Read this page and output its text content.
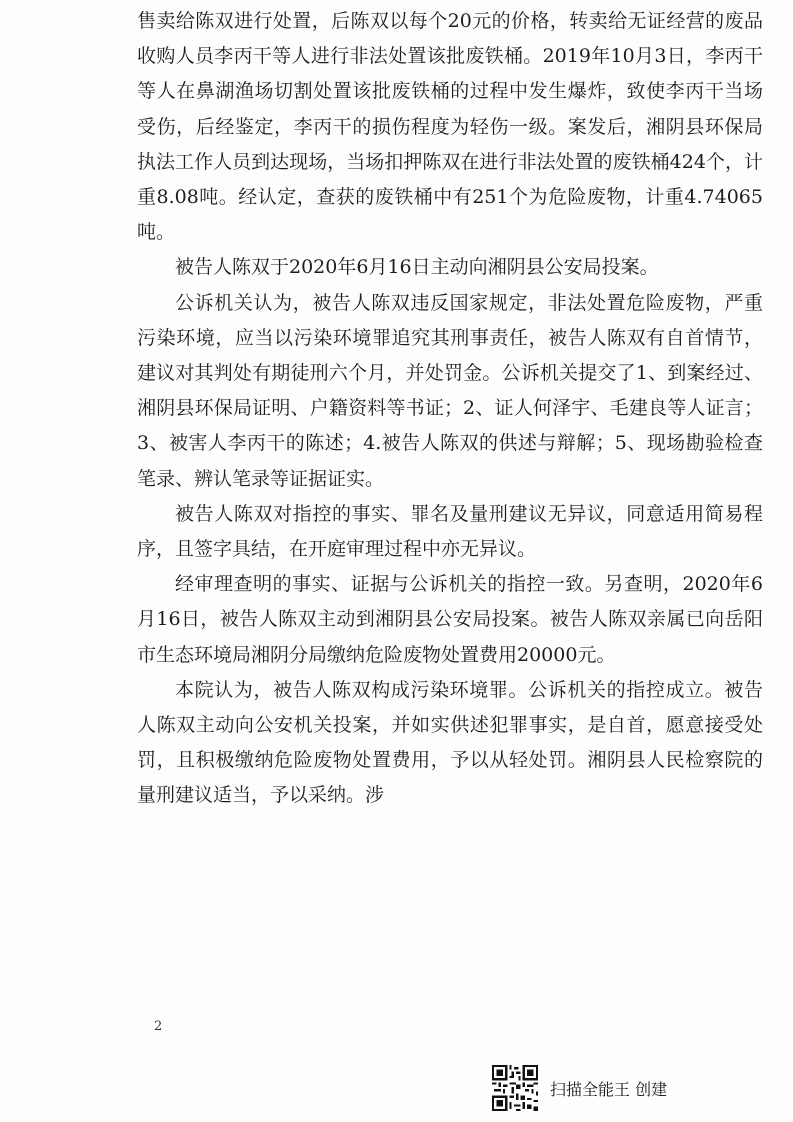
售卖给陈双进行处置，后陈双以每个20元的价格，转卖给无证经营的废品收购人员李丙干等人进行非法处置该批废铁桶。2019年10月3日，李丙干等人在鼻湖渔场切割处置该批废铁桶的过程中发生爆炸，致使李丙干当场受伤，后经鉴定，李丙干的损伤程度为轻伤一级。案发后，湘阴县环保局执法工作人员到达现场，当场扣押陈双在进行非法处置的废铁桶424个，计重8.08吨。经认定，查获的废铁桶中有251个为危险废物，计重4.74065吨。

被告人陈双于2020年6月16日主动向湘阴县公安局投案。

公诉机关认为，被告人陈双违反国家规定，非法处置危险废物，严重污染环境，应当以污染环境罪追究其刑事责任，被告人陈双有自首情节，建议对其判处有期徒刑六个月，并处罚金。公诉机关提交了1、到案经过、湘阴县环保局证明、户籍资料等书证；2、证人何泽宇、毛建良等人证言；3、被害人李丙干的陈述；4.被告人陈双的供述与辩解；5、现场勘验检查笔录、辨认笔录等证据证实。

被告人陈双对指控的事实、罪名及量刑建议无异议，同意适用简易程序，且签字具结，在开庭审理过程中亦无异议。

经审理查明的事实、证据与公诉机关的指控一致。另查明，2020年6月16日，被告人陈双主动到湘阴县公安局投案。被告人陈双亲属已向岳阳市生态环境局湘阴分局缴纳危险废物处置费用20000元。

本院认为，被告人陈双构成污染环境罪。公诉机关的指控成立。被告人陈双主动向公安机关投案，并如实供述犯罪事实，是自首，愿意接受处罚，且积极缴纳危险废物处置费用，予以从轻处罚。湘阴县人民检察院的量刑建议适当，予以采纳。涉

2
扫描全能王 创建
